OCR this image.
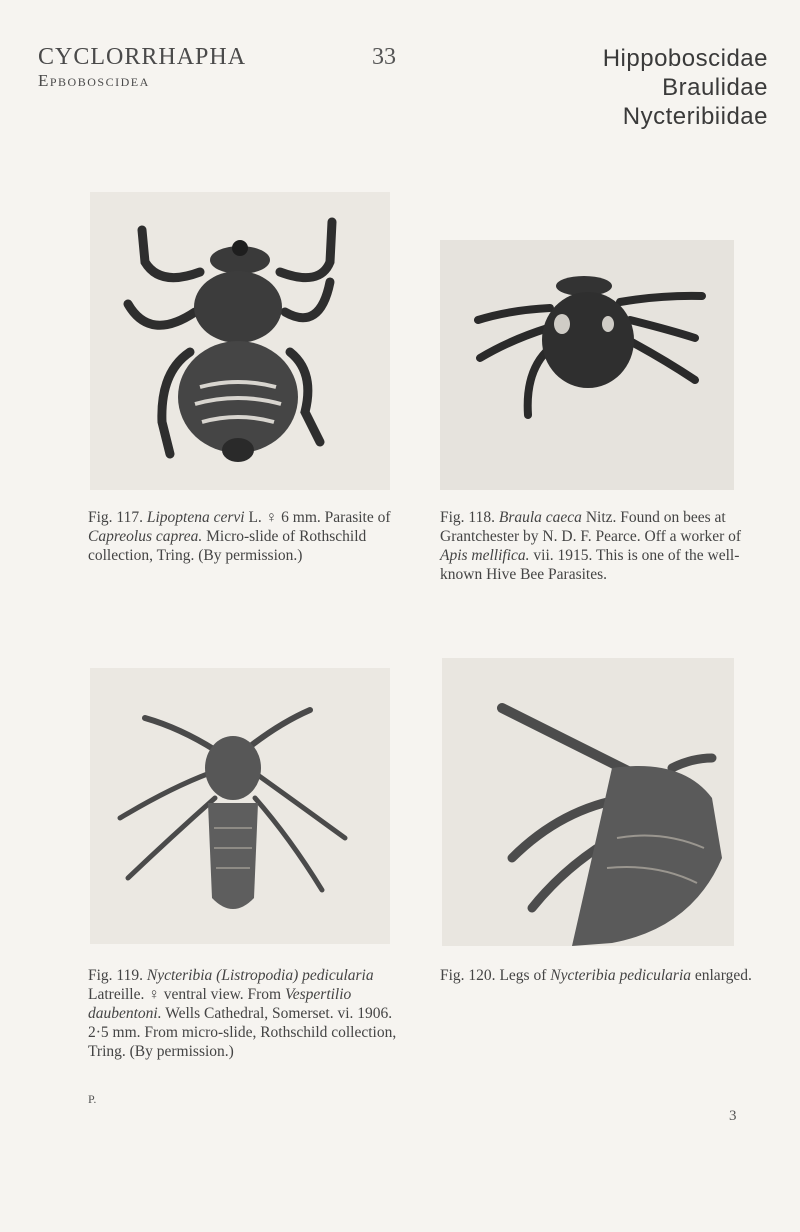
CYCLORRHAPHA
Epboboscidea
33	Hippoboscidae
Braulidae
Nycteribiidae
Fig. 117. Lipoptena cervi L. ♀ 6 mm. Parasite of Capreolus caprea. Micro-slide of Rothschild collection, Tring. (By permission.)
Fig. 118. Braula caeca Nitz. Found on bees at Grantchester by N. D. F. Pearce. Off a worker of Apis mellifica. vii. 1915. This is one of the well-known Hive Bee Parasites.
Fig. 119. Nycteribia (Listropodia) pedicularia Latreille. ♀ ventral view. From Vespertilio daubentoni. Wells Cathedral, Somerset. vi. 1906. 2·5 mm. From micro-slide, Rothschild collection, Tring. (By permission.)
Fig. 120. Legs of Nycteribia pedicularia enlarged.
P.
3
